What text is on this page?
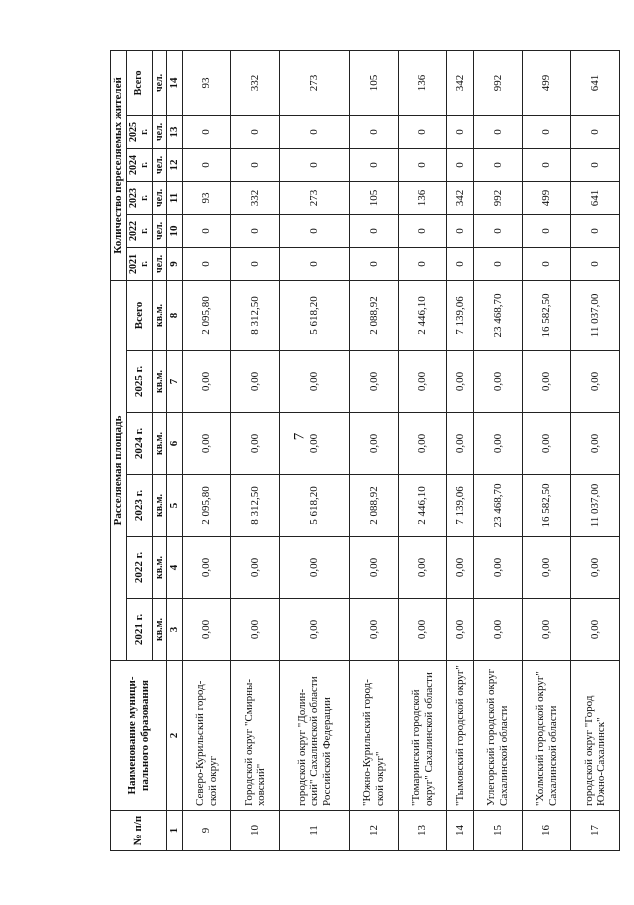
7
№ п/п	Наименование муници-пального образования	Расселяемая площадь						Количество переселяемых жителей					
		2021 г.	2022 г.	2023 г.	2024 г.	2025 г.	Всего	2021 г.	2022 г.	2023 г.	2024 г.	2025 г.	Всего
		кв.м.	кв.м.	кв.м.	кв.м.	кв.м.	кв.м.	чел.	чел.	чел.	чел.	чел.	чел.
1	2	3	4	5	6	7	8	9	10	11	12	13	14
9	Северо-Курильский город-ской округ	0,00	0,00	2 095,80	0,00	0,00	2 095,80	0	0	93	0	0	93
10	Городской округ "Смирны-ховский"	0,00	0,00	8 312,50	0,00	0,00	8 312,50	0	0	332	0	0	332
11	городской округ "Долин-ский" Сахалинской области Российской Федерации	0,00	0,00	5 618,20	0,00	0,00	5 618,20	0	0	273	0	0	273
12	"Южно-Курильский город-ской округ"	0,00	0,00	2 088,92	0,00	0,00	2 088,92	0	0	105	0	0	105
13	"Томаринский городской округ" Сахалинской области	0,00	0,00	2 446,10	0,00	0,00	2 446,10	0	0	136	0	0	136
14	"Тымовский городской округ"	0,00	0,00	7 139,06	0,00	0,00	7 139,06	0	0	342	0	0	342
15	Углегорский городской округ Сахалинской области	0,00	0,00	23 468,70	0,00	0,00	23 468,70	0	0	992	0	0	992
16	"Холмский городской округ" Сахалинской области	0,00	0,00	16 582,50	0,00	0,00	16 582,50	0	0	499	0	0	499
17	городской округ "Город Южно-Сахалинск"	0,00	0,00	11 037,00	0,00	0,00	11 037,00	0	0	641	0	0	641
